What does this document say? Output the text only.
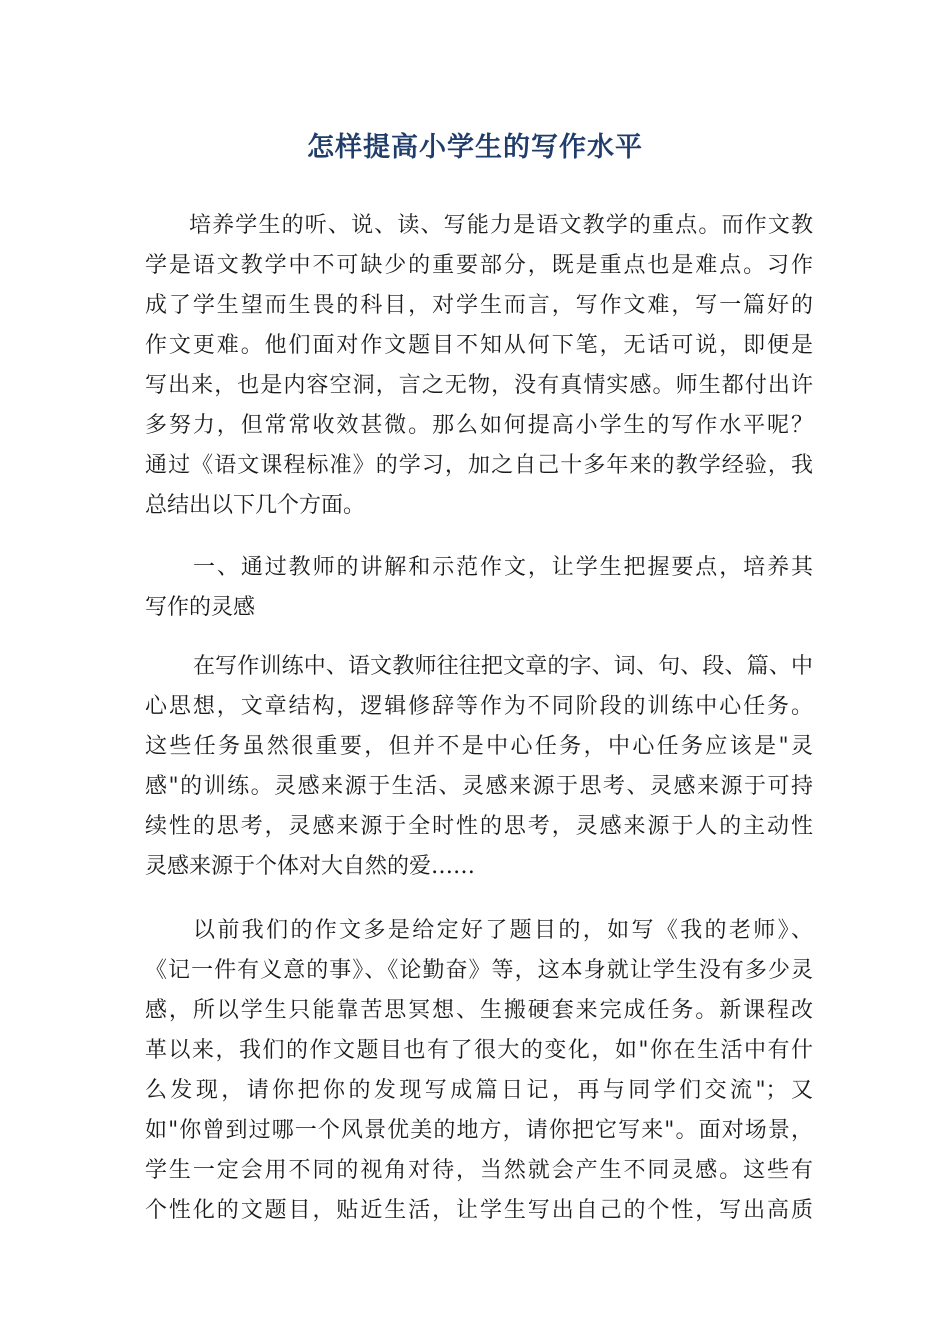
怎样提高小学生的写作水平
培养学生的听、说、读、写能力是语文教学的重点。而作文教
学是语文教学中不可缺少的重要部分，既是重点也是难点。习作
成了学生望而生畏的科目，对学生而言，写作文难，写一篇好的
作文更难。他们面对作文题目不知从何下笔，无话可说，即便是
写出来，也是内容空洞，言之无物，没有真情实感。师生都付出许
多努力，但常常收效甚微。那么如何提高小学生的写作水平呢？
通过《语文课程标准》的学习，加之自己十多年来的教学经验，我
总结出以下几个方面。
一、通过教师的讲解和示范作文，让学生把握要点，培养其
写作的灵感
在写作训练中、语文教师往往把文章的字、词、句、段、篇、中
心思想，文章结构，逻辑修辞等作为不同阶段的训练中心任务。
这些任务虽然很重要，但并不是中心任务，中心任务应该是"灵
感"的训练。灵感来源于生活、灵感来源于思考、灵感来源于可持
续性的思考，灵感来源于全时性的思考，灵感来源于人的主动性
灵感来源于个体对大自然的爱……
以前我们的作文多是给定好了题目的，如写《我的老师》、
《记一件有义意的事》、《论勤奋》等，这本身就让学生没有多少灵
感，所以学生只能靠苦思冥想、生搬硬套来完成任务。新课程改
革以来，我们的作文题目也有了很大的变化，如"你在生活中有什
么发现，请你把你的发现写成篇日记，再与同学们交流"；又
如"你曾到过哪一个风景优美的地方，请你把它写来"。面对场景，
学生一定会用不同的视角对待，当然就会产生不同灵感。这些有
个性化的文题目，贴近生活，让学生写出自己的个性，写出高质
